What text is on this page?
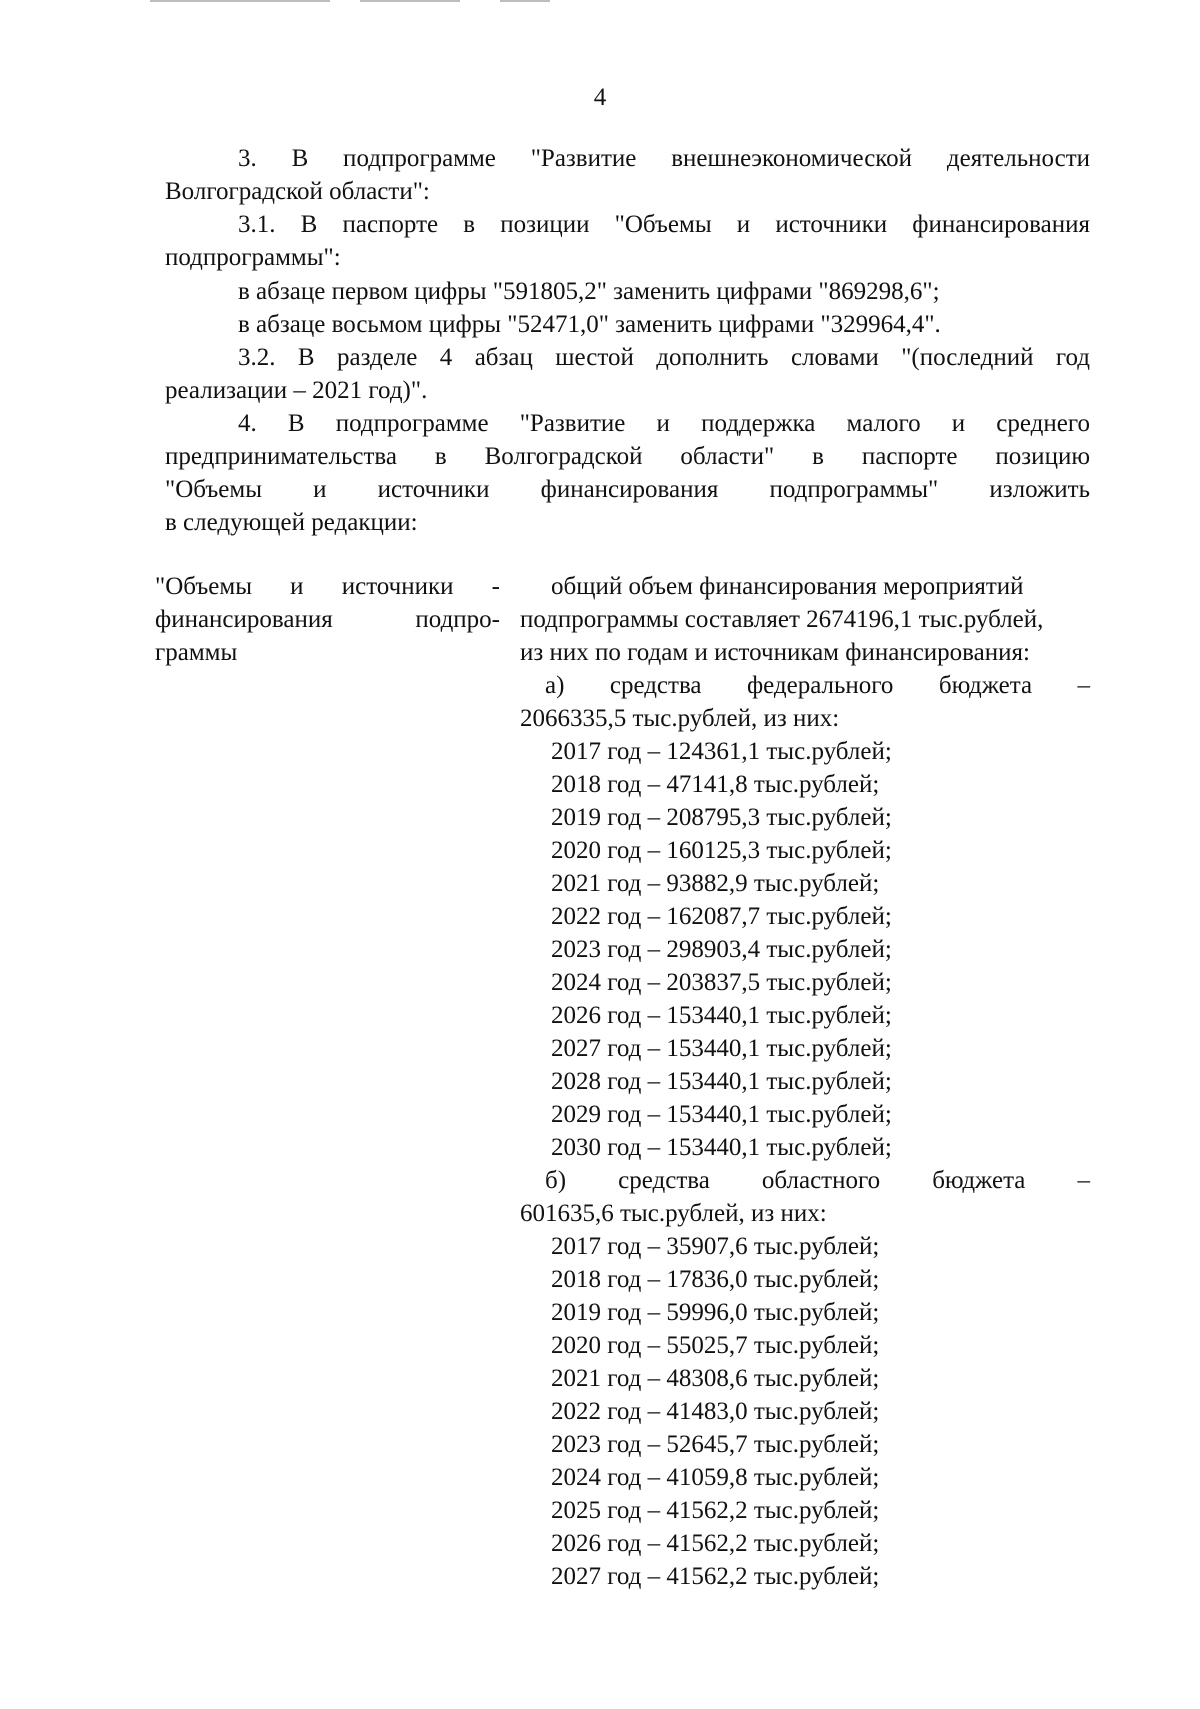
4
3. В подпрограмме "Развитие внешнеэкономической деятельности
Волгоградской области":
3.1. В паспорте в позиции "Объемы и источники финансирования
подпрограммы":
в абзаце первом цифры "591805,2" заменить цифрами "869298,6";
в абзаце восьмом цифры "52471,0" заменить цифрами "329964,4".
3.2. В разделе 4 абзац шестой дополнить словами "(последний год
реализации – 2021 год)".
4. В подпрограмме "Развитие и поддержка малого и среднего
предпринимательства в Волгоградской области" в паспорте позицию
"Объемы и источники финансирования подпрограммы" изложить
в следующей редакции:
"Объемы и источники -
финансирования подпро-
граммы
общий объем финансирования мероприятий
подпрограммы составляет 2674196,1 тыс.рублей,
из них по годам и источникам финансирования:
а) средства федерального бюджета –
2066335,5 тыс.рублей, из них:
2017 год – 124361,1 тыс.рублей;
2018 год – 47141,8 тыс.рублей;
2019 год – 208795,3 тыс.рублей;
2020 год – 160125,3 тыс.рублей;
2021 год – 93882,9 тыс.рублей;
2022 год – 162087,7 тыс.рублей;
2023 год – 298903,4 тыс.рублей;
2024 год – 203837,5 тыс.рублей;
2026 год – 153440,1 тыс.рублей;
2027 год – 153440,1 тыс.рублей;
2028 год – 153440,1 тыс.рублей;
2029 год – 153440,1 тыс.рублей;
2030 год – 153440,1 тыс.рублей;
б) средства областного бюджета –
601635,6 тыс.рублей, из них:
2017 год – 35907,6 тыс.рублей;
2018 год – 17836,0 тыс.рублей;
2019 год – 59996,0 тыс.рублей;
2020 год – 55025,7 тыс.рублей;
2021 год – 48308,6 тыс.рублей;
2022 год – 41483,0 тыс.рублей;
2023 год – 52645,7 тыс.рублей;
2024 год – 41059,8 тыс.рублей;
2025 год – 41562,2 тыс.рублей;
2026 год – 41562,2 тыс.рублей;
2027 год – 41562,2 тыс.рублей;
